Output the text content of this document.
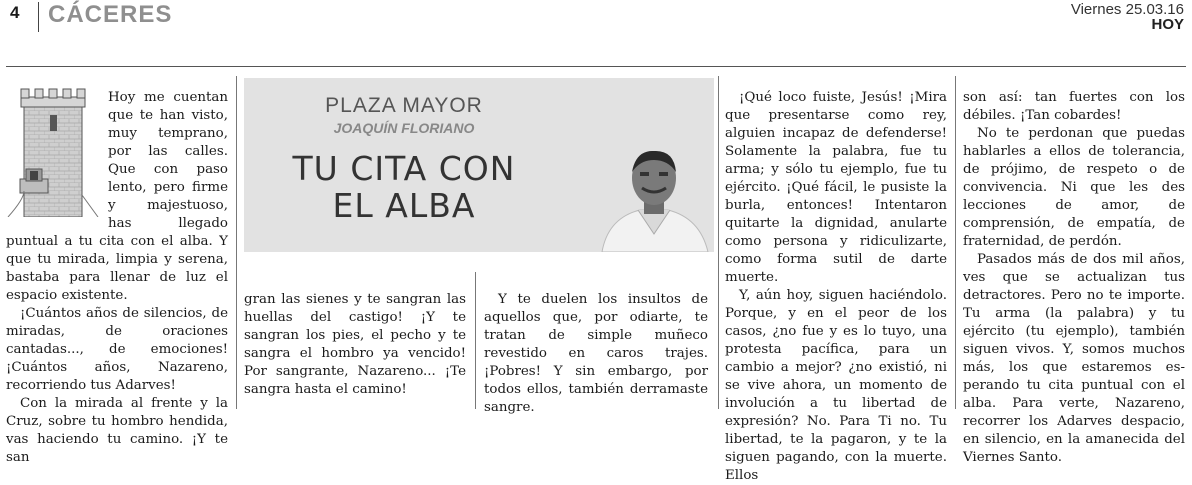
4 CÁCERES	Viernes 25.03.16
HOY

Hoy me cuentan que te han visto, muy temprano, por las calles. Que con paso lento, pero firme y majestuoso, has llegado puntual a tu cita con el alba. Y que tu mirada, limpia y serena, bastaba para llenar de luz el espacio existente.

¡Cuántos años de silencios, de miradas, de oraciones cantadas..., de emociones! ¡Cuántos años, Nazareno, recorriendo tus Adarves!

Con la mirada al frente y la Cruz, sobre tu hombro hendida, vas haciendo tu camino. ¡Y te san

PLAZA MAYOR
JOAQUÍN FLORIANO
TU CITA CON
EL ALBA

gran las sienes y te sangran las huellas del castigo! ¡Y te sangran los pies, el pecho y te sangra el hombro ya vencido! Por sangrante, Nazareno... ¡Te sangra hasta el camino!

Y te duelen los insultos de aquellos que, por odiarte, te tratan de simple muñeco revestido en caros trajes. ¡Pobres! Y sin embargo, por todos ellos, también derramaste sangre.

¡Qué loco fuiste, Jesús! ¡Mira que presentarse como rey, alguien incapaz de defenderse! Solamente la palabra, fue tu arma; y sólo tu ejemplo, fue tu ejército. ¡Qué fácil, le pusiste la burla, entonces! Intentaron quitarte la dignidad, anularte como persona y ridiculizarte, como forma sutil de darte muerte.

Y, aún hoy, siguen haciéndolo. Porque, y en el peor de los casos, ¿no fue y es lo tuyo, una protesta pacífica, para un cambio a mejor? ¿no existió, ni se vive ahora, un momento de involución a tu libertad de expresión? No. Para Ti no. Tu libertad, te la pagaron, y te la siguen pagando, con la muerte. Ellos

son así: tan fuertes con los débiles. ¡Tan cobardes!

No te perdonan que puedas hablarles a ellos de tolerancia, de prójimo, de respeto o de convivencia. Ni que les des lecciones de amor, de comprensión, de empatía, de fraternidad, de perdón.

Pasados más de dos mil años, ves que se actualizan tus detractores. Pero no te importe. Tu arma (la palabra) y tu ejército (tu ejemplo), también siguen vivos. Y, somos muchos más, los que estaremos esperando tu cita puntual con el alba. Para verte, Nazareno, recorrer los Adarves despacio, en silencio, en la amanecida del Viernes Santo.
